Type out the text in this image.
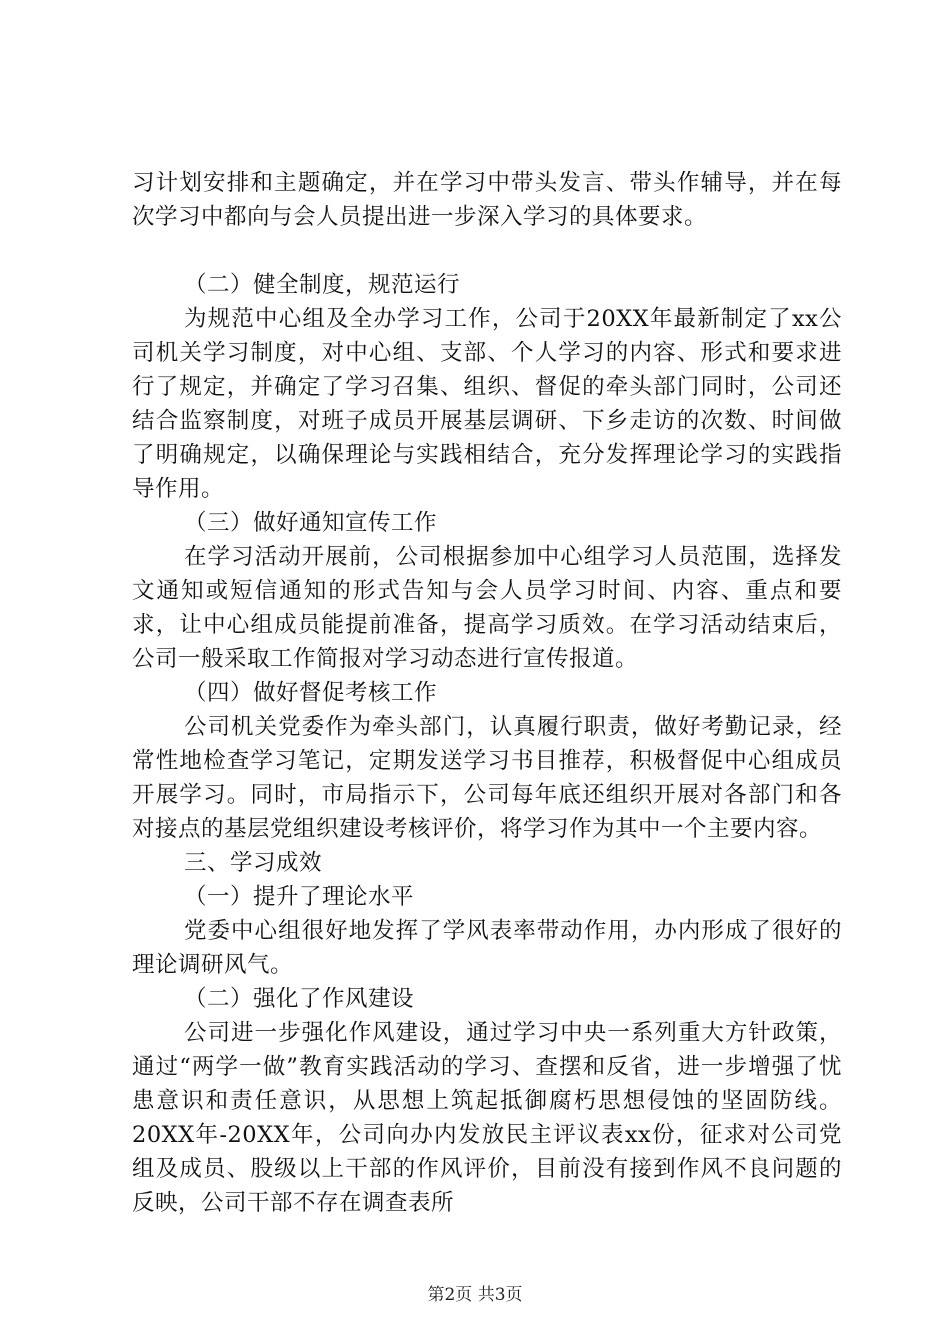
习计划安排和主题确定，并在学习中带头发言、带头作辅导，并在每次学习中都向与会人员提出进一步深入学习的具体要求。

（二）健全制度，规范运行

为规范中心组及全办学习工作，公司于20XX年最新制定了xx公司机关学习制度，对中心组、支部、个人学习的内容、形式和要求进行了规定，并确定了学习召集、组织、督促的牵头部门同时，公司还结合监察制度，对班子成员开展基层调研、下乡走访的次数、时间做了明确规定，以确保理论与实践相结合，充分发挥理论学习的实践指导作用。

（三）做好通知宣传工作

在学习活动开展前，公司根据参加中心组学习人员范围，选择发文通知或短信通知的形式告知与会人员学习时间、内容、重点和要求，让中心组成员能提前准备，提高学习质效。在学习活动结束后，公司一般采取工作简报对学习动态进行宣传报道。

（四）做好督促考核工作

公司机关党委作为牵头部门，认真履行职责，做好考勤记录，经常性地检查学习笔记，定期发送学习书目推荐，积极督促中心组成员开展学习。同时，市局指示下，公司每年底还组织开展对各部门和各对接点的基层党组织建设考核评价，将学习作为其中一个主要内容。

三、学习成效

（一）提升了理论水平

党委中心组很好地发挥了学风表率带动作用，办内形成了很好的理论调研风气。

（二）强化了作风建设

公司进一步强化作风建设，通过学习中央一系列重大方针政策，通过“两学一做”教育实践活动的学习、查摆和反省，进一步增强了忧患意识和责任意识，从思想上筑起抵御腐朽思想侵蚀的坚固防线。20XX年-20XX年，公司向办内发放民主评议表xx份，征求对公司党组及成员、股级以上干部的作风评价，目前没有接到作风不良问题的反映，公司干部不存在调查表所

第2页 共3页
